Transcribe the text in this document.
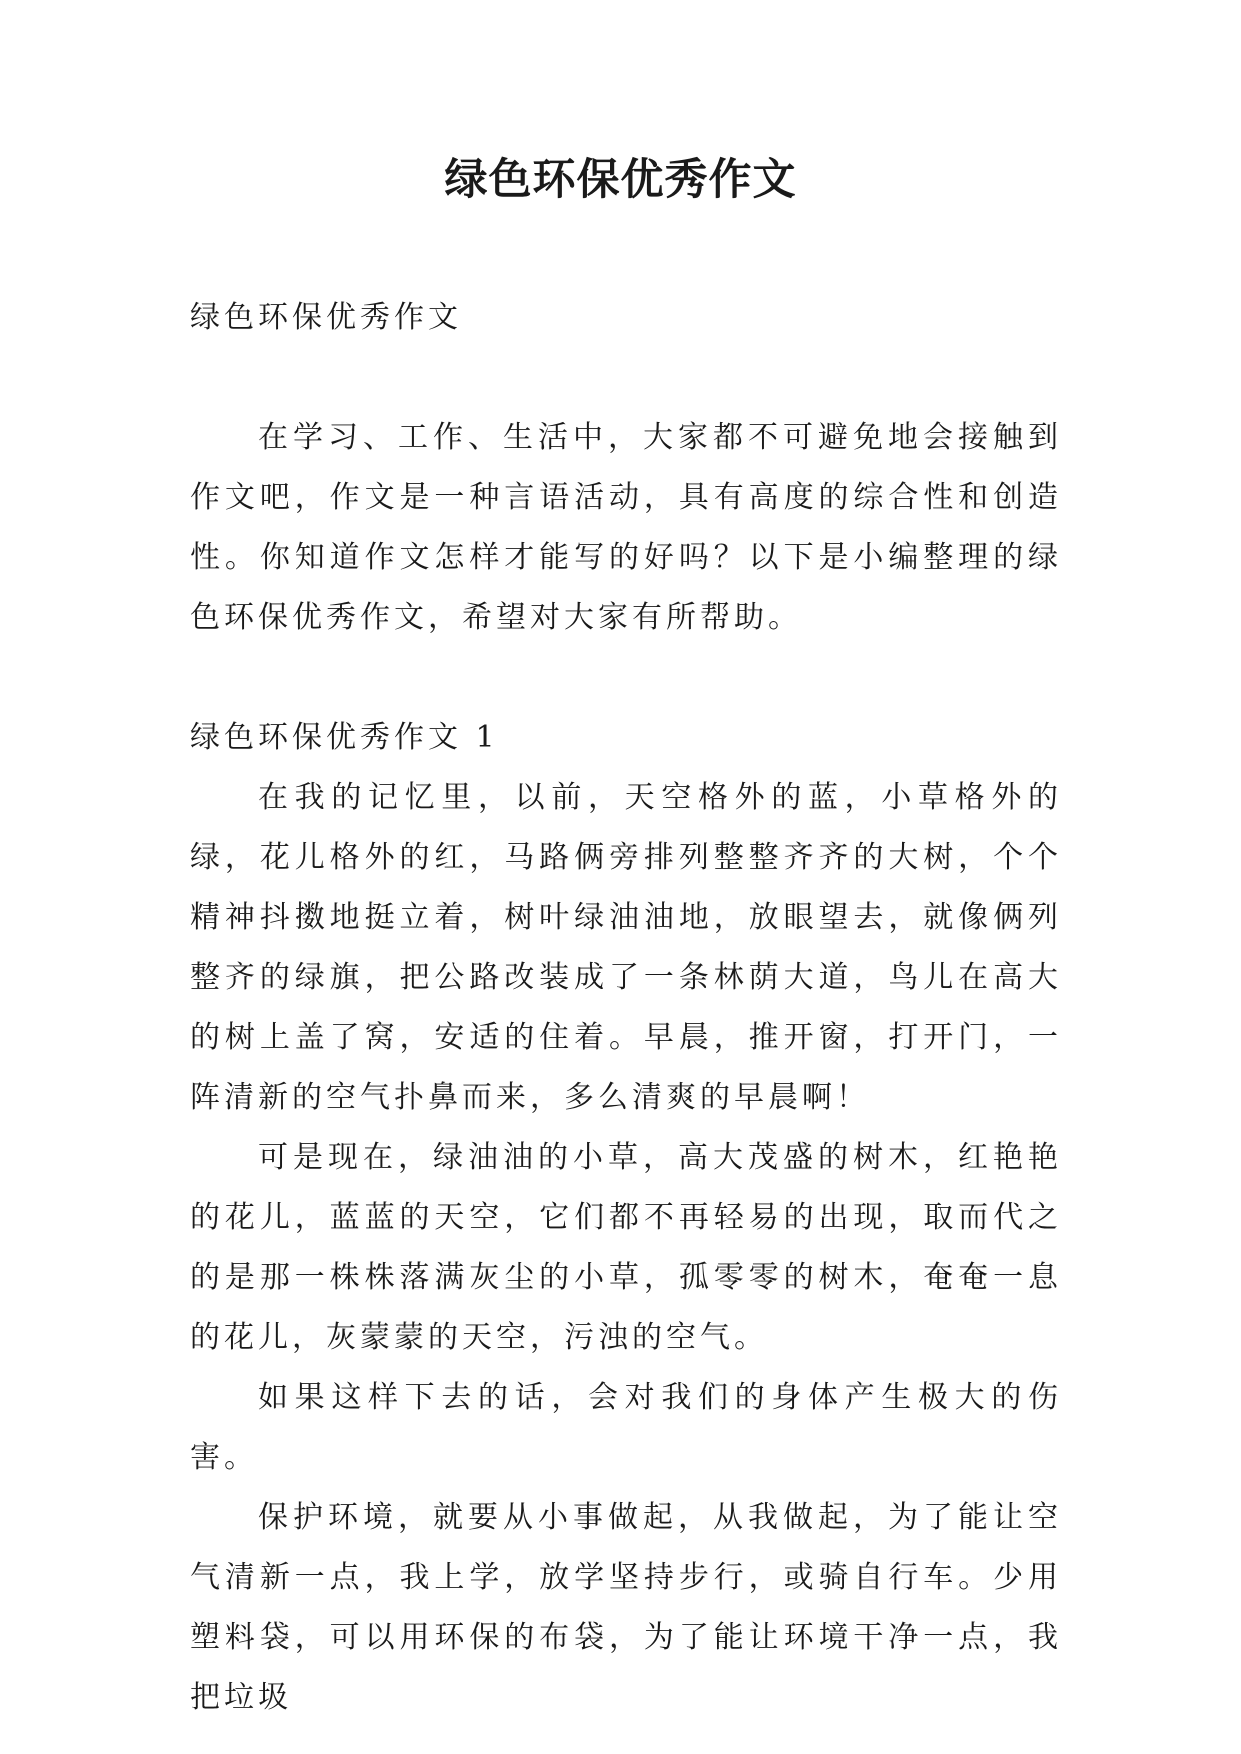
绿色环保优秀作文

绿色环保优秀作文

在学习、工作、生活中，大家都不可避免地会接触到作文吧，作文是一种言语活动，具有高度的综合性和创造性。你知道作文怎样才能写的好吗？以下是小编整理的绿色环保优秀作文，希望对大家有所帮助。

绿色环保优秀作文 1

在我的记忆里，以前，天空格外的蓝，小草格外的绿，花儿格外的红，马路俩旁排列整整齐齐的大树，个个精神抖擞地挺立着，树叶绿油油地，放眼望去，就像俩列整齐的绿旗，把公路改装成了一条林荫大道，鸟儿在高大的树上盖了窝，安适的住着。早晨，推开窗，打开门，一阵清新的空气扑鼻而来，多么清爽的早晨啊！

可是现在，绿油油的小草，高大茂盛的树木，红艳艳的花儿，蓝蓝的天空，它们都不再轻易的出现，取而代之的是那一株株落满灰尘的小草，孤零零的树木，奄奄一息的花儿，灰蒙蒙的天空，污浊的空气。

如果这样下去的话，会对我们的身体产生极大的伤害。

保护环境，就要从小事做起，从我做起，为了能让空气清新一点，我上学，放学坚持步行，或骑自行车。少用塑料袋，可以用环保的布袋，为了能让环境干净一点，我把垃圾
